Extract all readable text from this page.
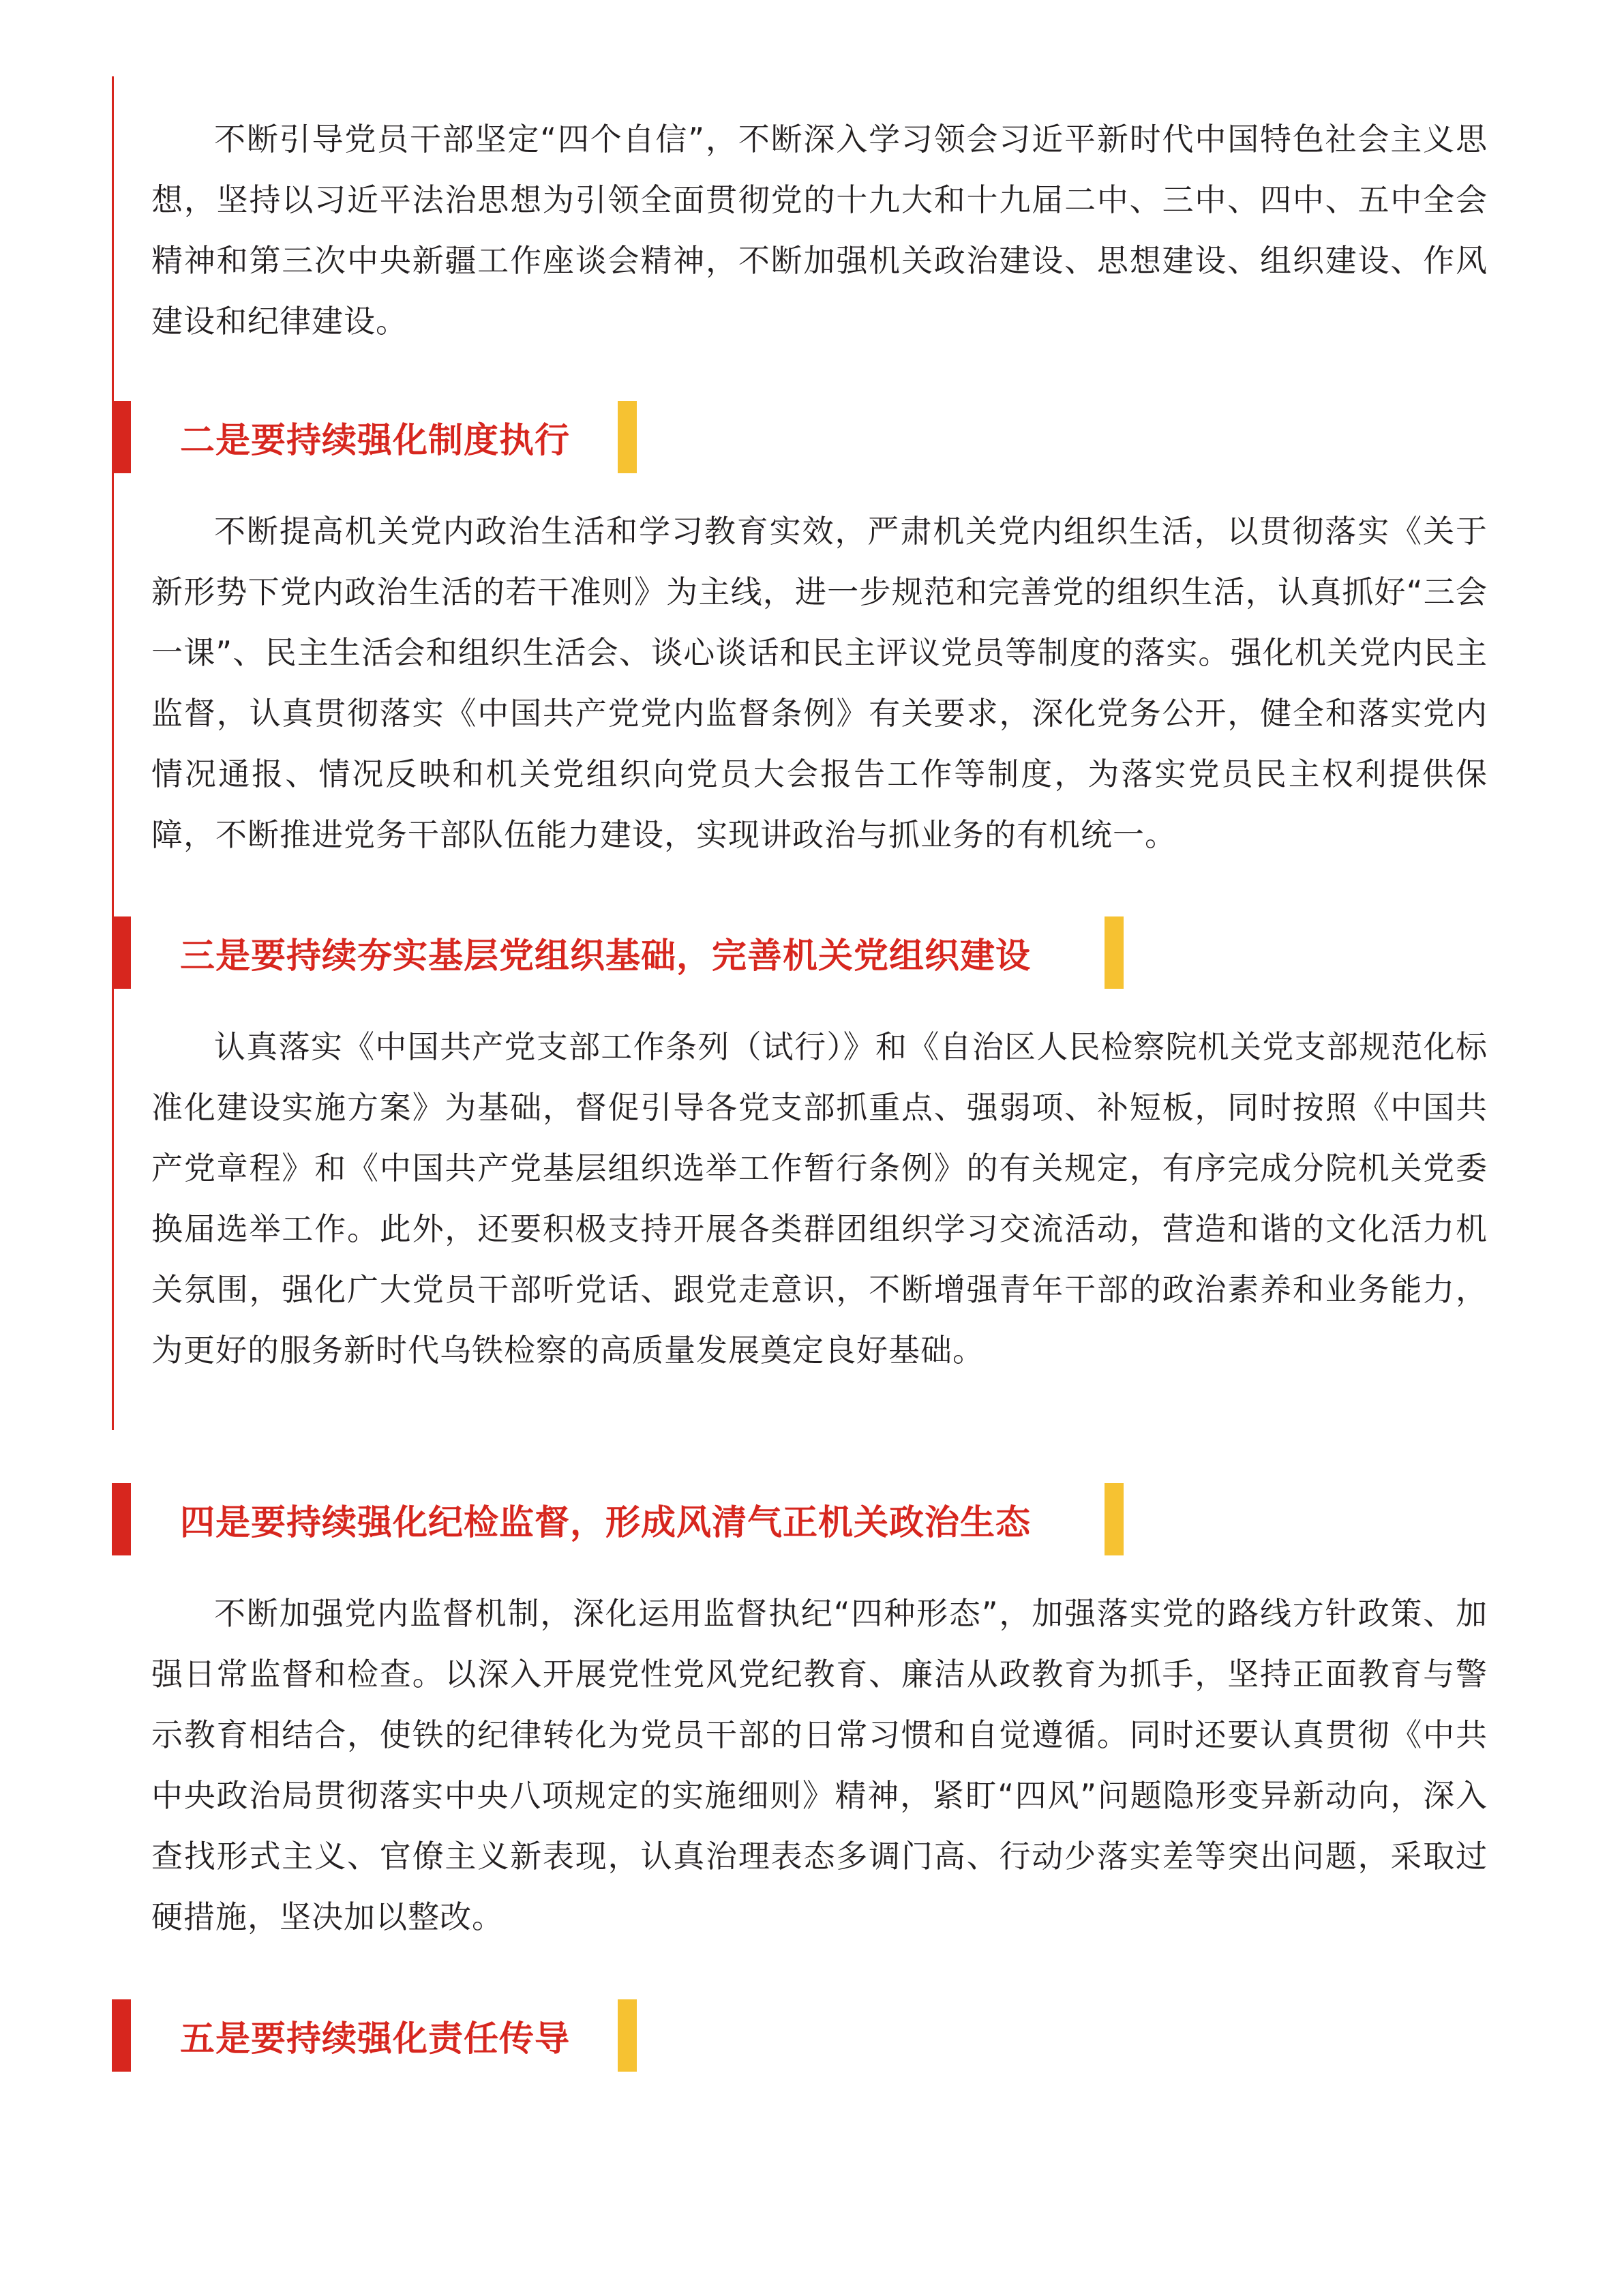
不断引导党员干部坚定“四个自信”，不断深入学习领会习近平新时代中国特色社会主义思想，坚持以习近平法治思想为引领全面贯彻党的十九大和十九届二中、三中、四中、五中全会精神和第三次中央新疆工作座谈会精神，不断加强机关政治建设、思想建设、组织建设、作风建设和纪律建设。

二是要持续强化制度执行

不断提高机关党内政治生活和学习教育实效，严肃机关党内组织生活，以贯彻落实《关于新形势下党内政治生活的若干准则》为主线，进一步规范和完善党的组织生活，认真抓好“三会一课”、民主生活会和组织生活会、谈心谈话和民主评议党员等制度的落实。强化机关党内民主监督，认真贯彻落实《中国共产党党内监督条例》有关要求，深化党务公开，健全和落实党内情况通报、情况反映和机关党组织向党员大会报告工作等制度，为落实党员民主权利提供保障，不断推进党务干部队伍能力建设，实现讲政治与抓业务的有机统一。

三是要持续夯实基层党组织基础，完善机关党组织建设

认真落实《中国共产党支部工作条列（试行）》和《自治区人民检察院机关党支部规范化标准化建设实施方案》为基础，督促引导各党支部抓重点、强弱项、补短板，同时按照《中国共产党章程》和《中国共产党基层组织选举工作暂行条例》的有关规定，有序完成分院机关党委换届选举工作。此外，还要积极支持开展各类群团组织学习交流活动，营造和谐的文化活力机关氛围，强化广大党员干部听党话、跟党走意识，不断增强青年干部的政治素养和业务能力，为更好的服务新时代乌铁检察的高质量发展奠定良好基础。

四是要持续强化纪检监督，形成风清气正机关政治生态

不断加强党内监督机制，深化运用监督执纪“四种形态”，加强落实党的路线方针政策、加强日常监督和检查。以深入开展党性党风党纪教育、廉洁从政教育为抓手，坚持正面教育与警示教育相结合，使铁的纪律转化为党员干部的日常习惯和自觉遵循。同时还要认真贯彻《中共中央政治局贯彻落实中央八项规定的实施细则》精神，紧盯“四风”问题隐形变异新动向，深入查找形式主义、官僚主义新表现，认真治理表态多调门高、行动少落实差等突出问题，采取过硬措施，坚决加以整改。

五是要持续强化责任传导
